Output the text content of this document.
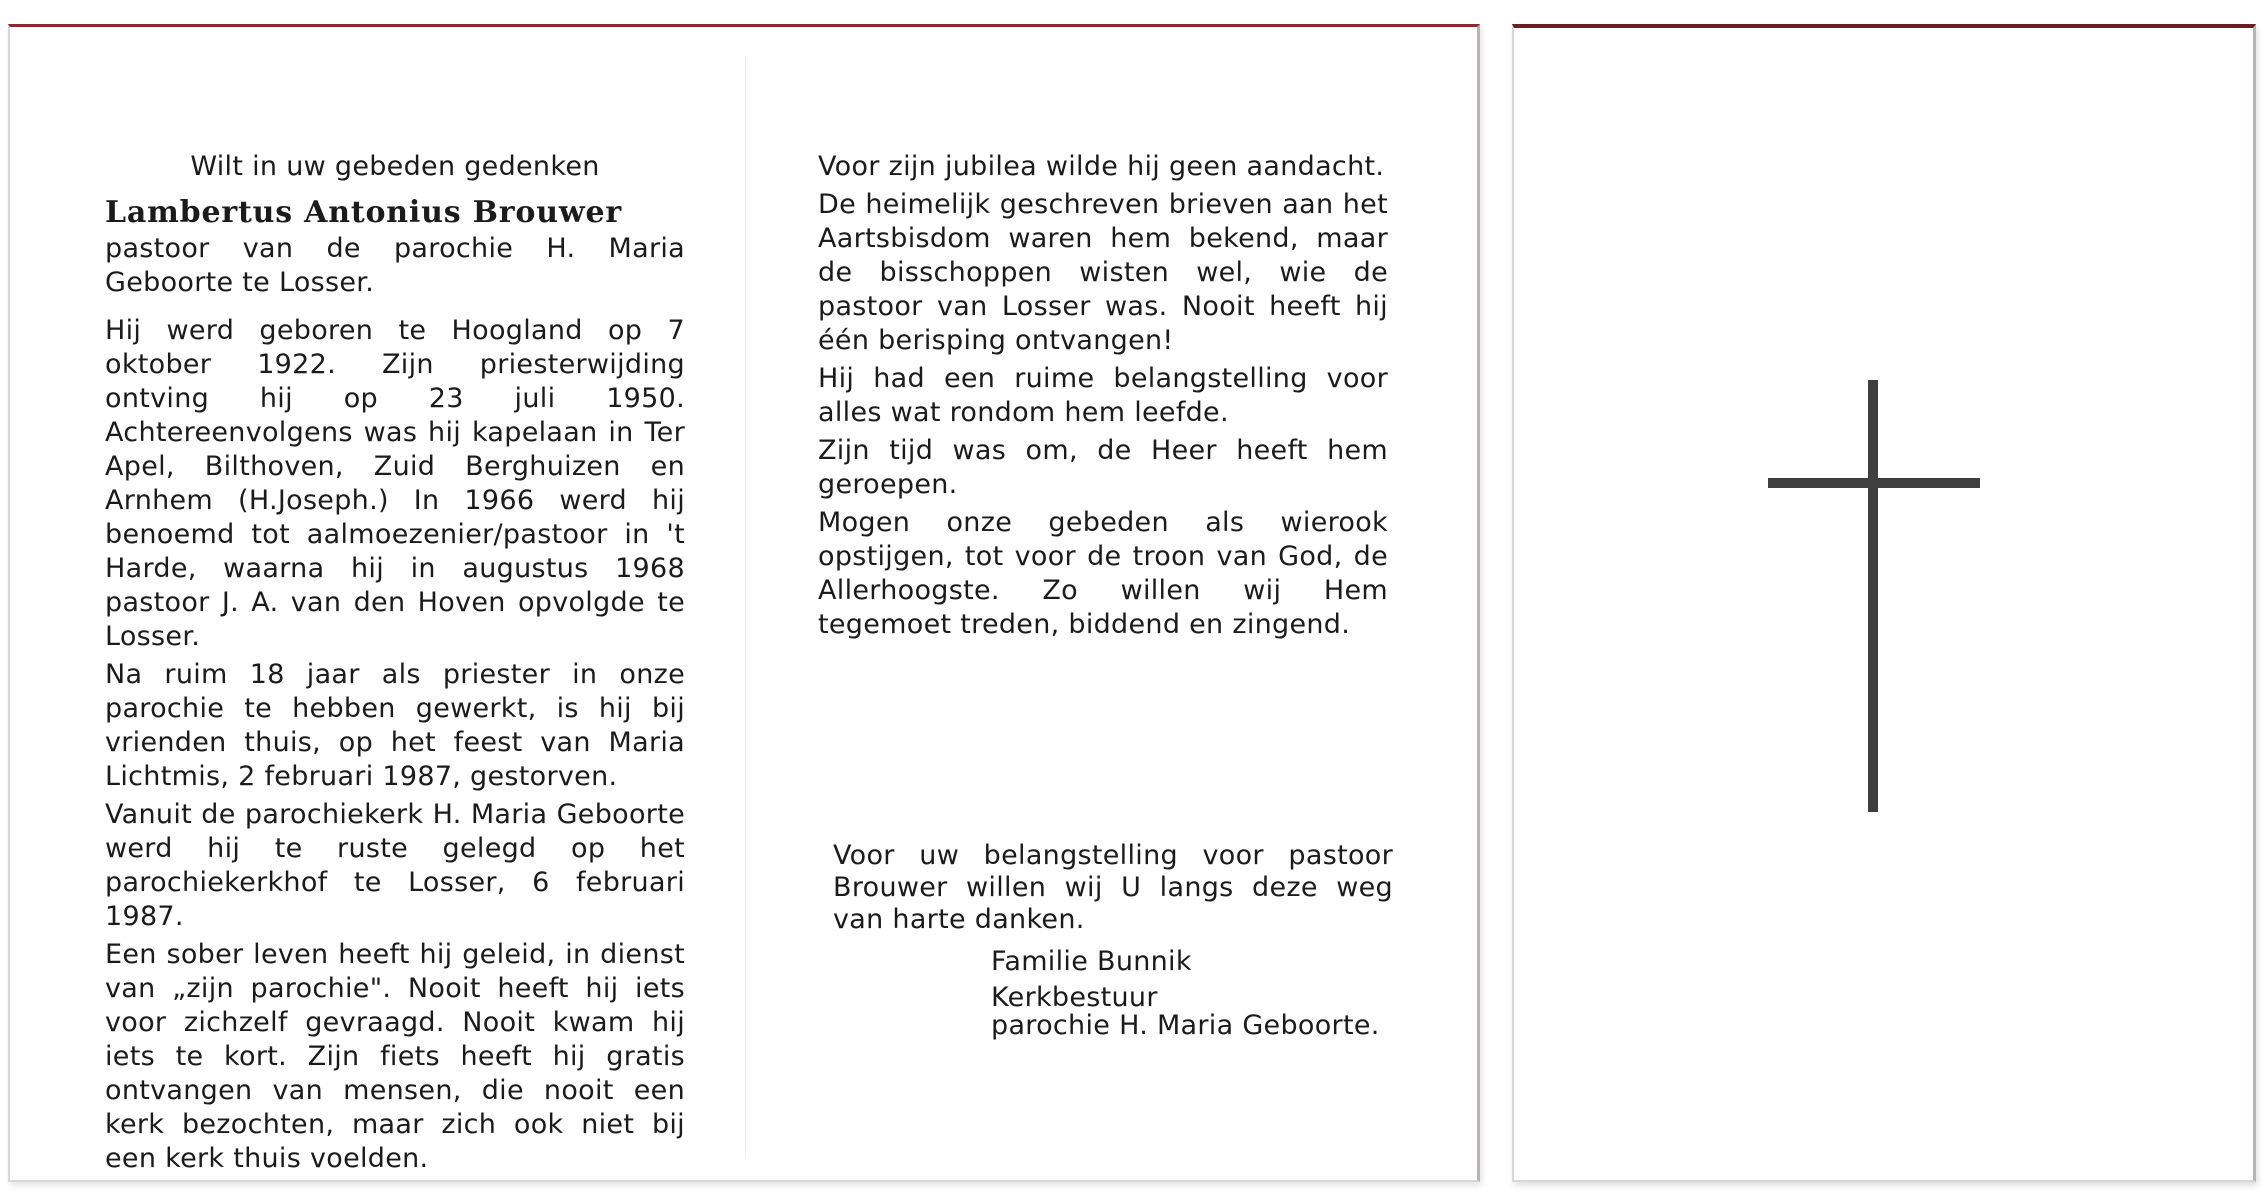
Wilt in uw gebeden gedenken

Lambertus Antonius Brouwer

pastoor van de parochie H. Maria Geboorte te Losser.

Hij werd geboren te Hoogland op 7 oktober 1922. Zijn priesterwijding ontving hij op 23 juli 1950. Achtereenvolgens was hij kapelaan in Ter Apel, Bilthoven, Zuid Berghuizen en Arnhem (H.Joseph.) In 1966 werd hij benoemd tot aalmoezenier/pastoor in 't Harde, waarna hij in augustus 1968 pastoor J. A. van den Hoven opvolgde te Losser.

Na ruim 18 jaar als priester in onze parochie te hebben gewerkt, is hij bij vrienden thuis, op het feest van Maria Lichtmis, 2 februari 1987, gestorven.

Vanuit de parochiekerk H. Maria Geboorte werd hij te ruste gelegd op het parochiekerkhof te Losser, 6 februari 1987.

Een sober leven heeft hij geleid, in dienst van „zijn parochie". Nooit heeft hij iets voor zichzelf gevraagd. Nooit kwam hij iets te kort. Zijn fiets heeft hij gratis ontvangen van mensen, die nooit een kerk bezochten, maar zich ook niet bij een kerk thuis voelden.

Voor zijn jubilea wilde hij geen aandacht.

De heimelijk geschreven brieven aan het Aartsbisdom waren hem bekend, maar de bisschoppen wisten wel, wie de pastoor van Losser was. Nooit heeft hij één berisping ontvangen!

Hij had een ruime belangstelling voor alles wat rondom hem leefde.

Zijn tijd was om, de Heer heeft hem geroepen.

Mogen onze gebeden als wierook opstijgen, tot voor de troon van God, de Allerhoogste. Zo willen wij Hem tegemoet treden, biddend en zingend.

Voor uw belangstelling voor pastoor Brouwer willen wij U langs deze weg van harte danken.

Familie Bunnik

Kerkbestuur

parochie H. Maria Geboorte.
